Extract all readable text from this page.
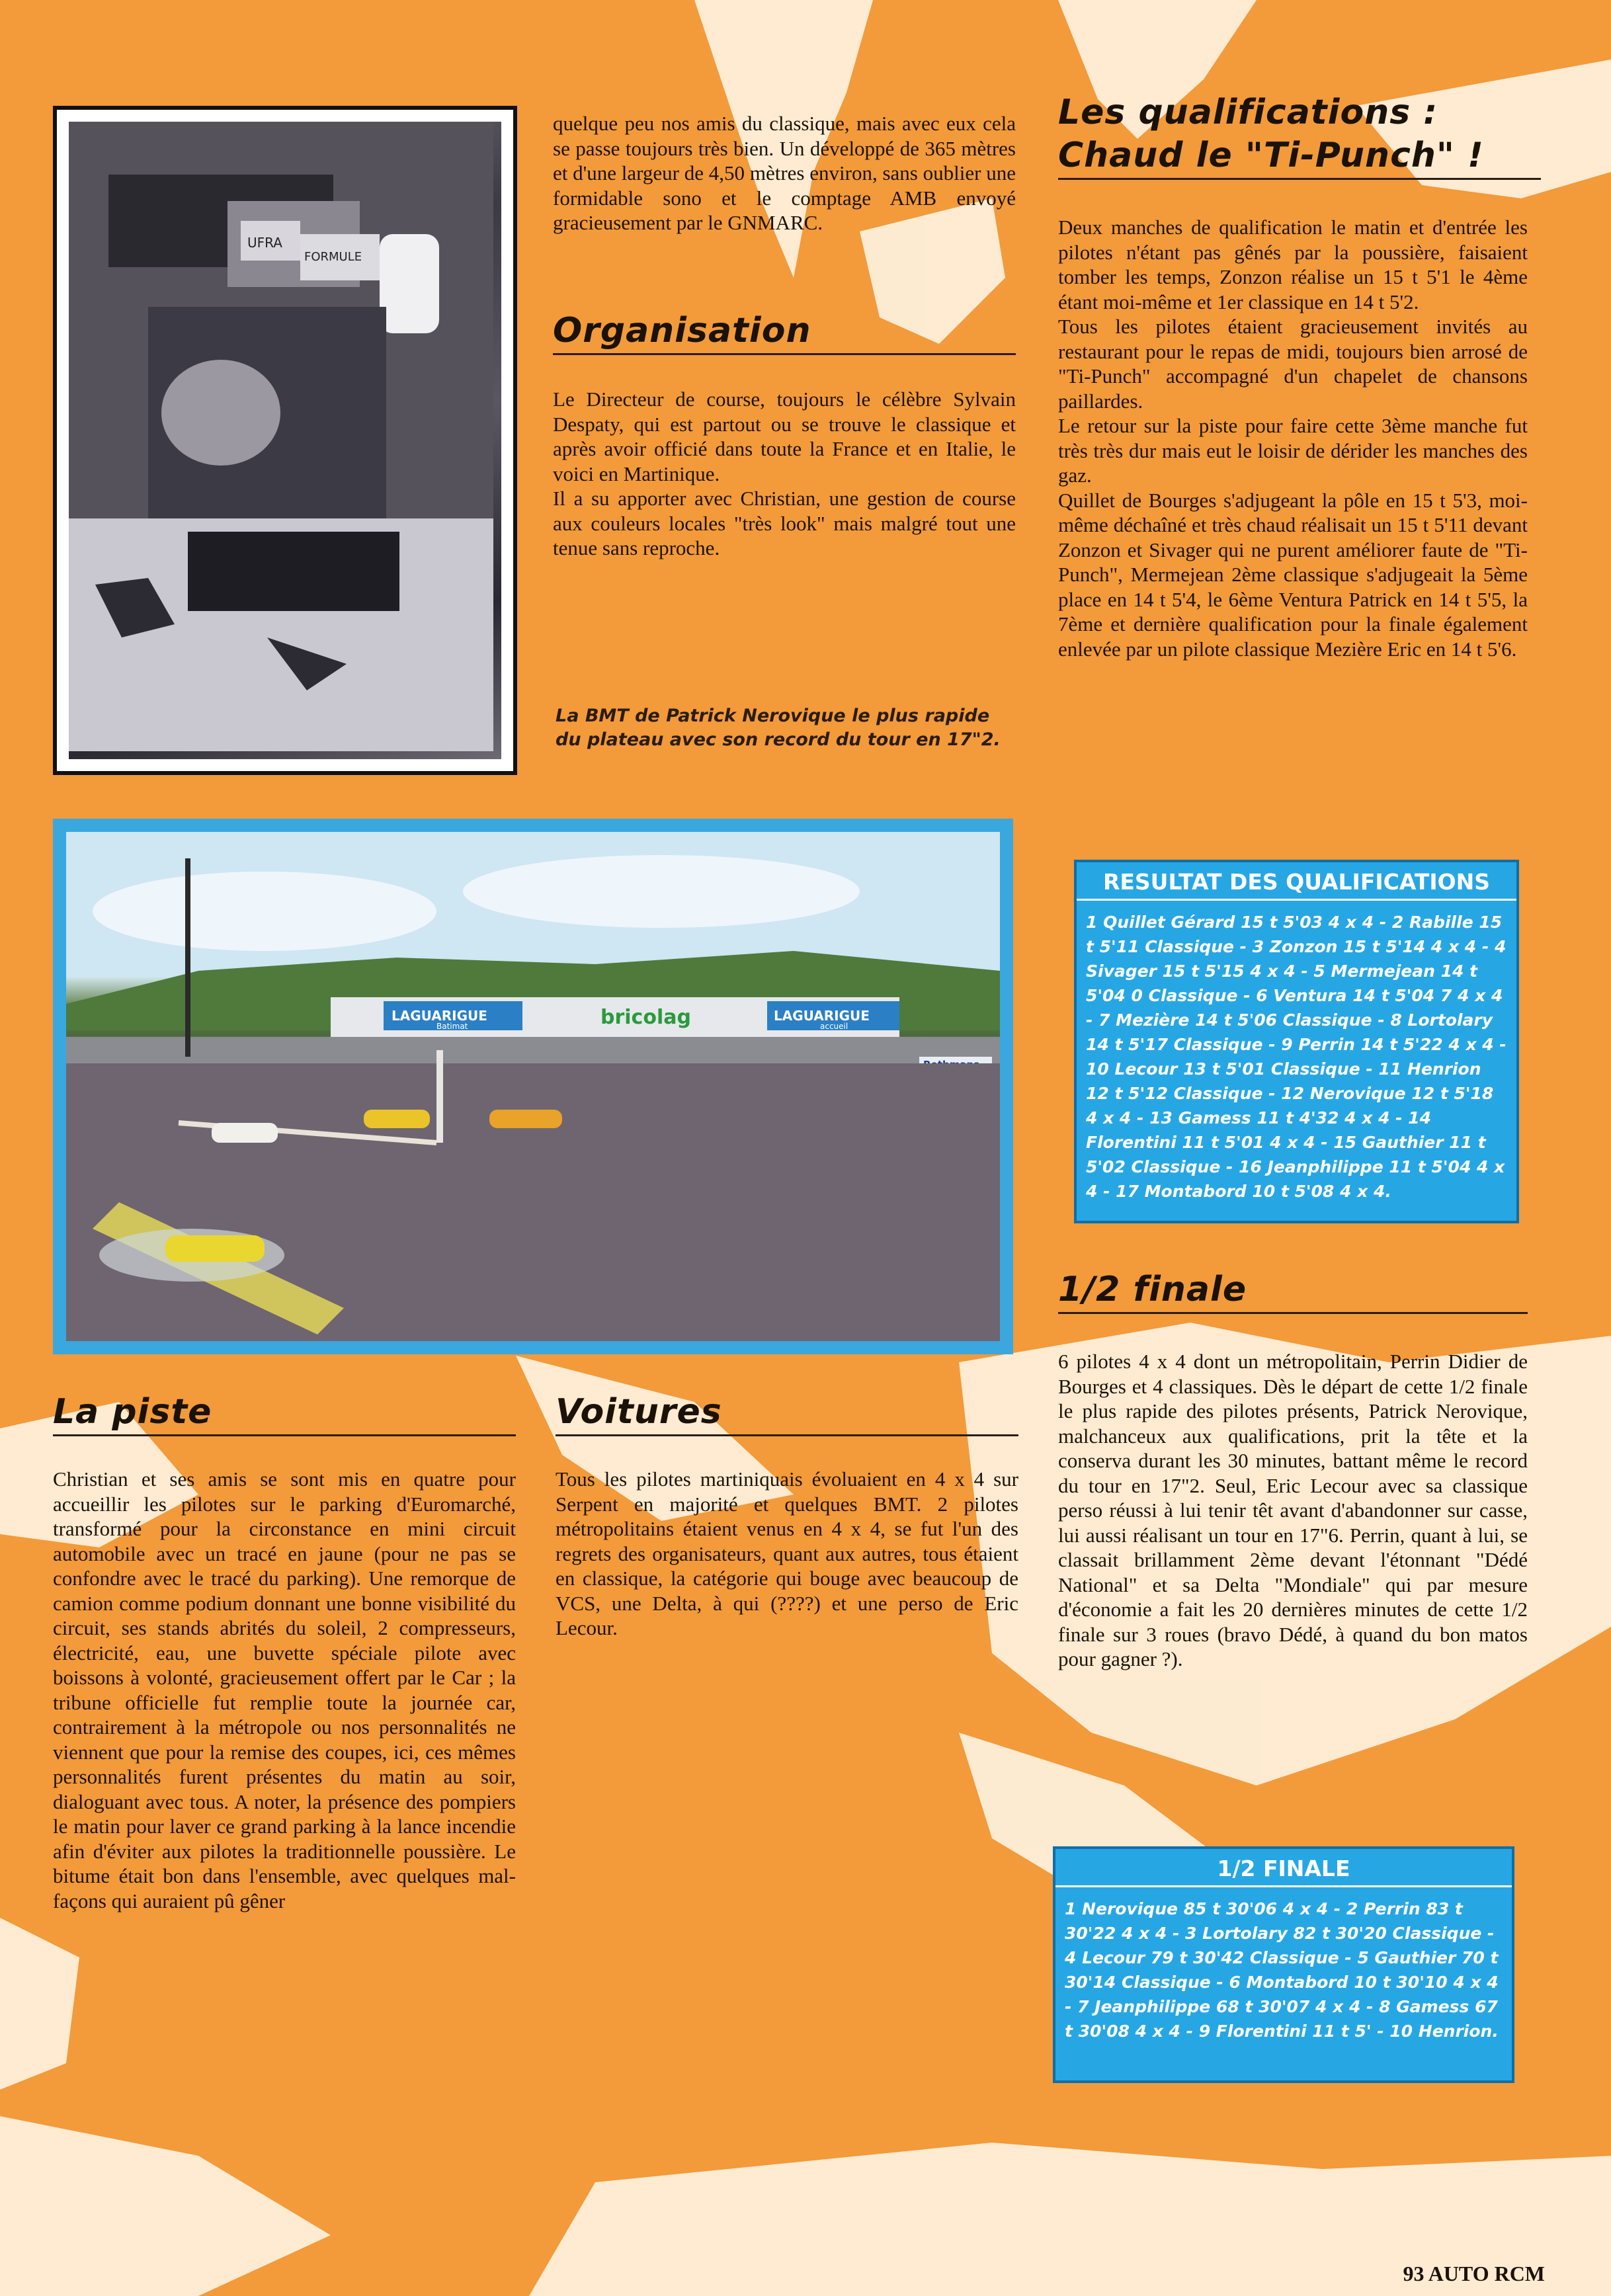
UFRA
FORMULE
LAGUARIGUE
Batimat	bricolag	LAGUARIGUE
accueil

quelque peu nos amis du classique, mais avec eux cela se passe toujours très bien. Un développé de 365 mètres et d'une largeur de 4,50 mètres environ, sans oublier une formidable sono et le comptage AMB envoyé gracieusement par le GNMARC.

Organisation

Le Directeur de course, toujours le célèbre Sylvain Despaty, qui est partout ou se trouve le classique et après avoir officié dans toute la France et en Italie, le voici en Martinique.

Il a su apporter avec Christian, une gestion de course aux couleurs locales "très look" mais malgré tout une tenue sans reproche.

La BMT de Patrick Nerovique le plus rapide du plateau avec son record du tour en 17"2.
Les qualifications :
Chaud le "Ti-Punch" !

Deux manches de qualification le matin et d'entrée les pilotes n'étant pas gênés par la poussière, faisaient tomber les temps, Zonzon réalise un 15 t 5'1 le 4ème étant moi-même et 1er classique en 14 t 5'2.

Tous les pilotes étaient gracieusement invités au restaurant pour le repas de midi, toujours bien arrosé de "Ti-Punch" accompagné d'un chapelet de chansons paillardes.

Le retour sur la piste pour faire cette 3ème manche fut très très dur mais eut le loisir de dérider les manches des gaz.

Quillet de Bourges s'adjugeant la pôle en 15 t 5'3, moi-même déchaîné et très chaud réalisait un 15 t 5'11 devant Zonzon et Sivager qui ne purent améliorer faute de "Ti-Punch", Mermejean 2ème classique s'adjugeait la 5ème place en 14 t 5'4, le 6ème Ventura Patrick en 14 t 5'5, la 7ème et dernière qualification pour la finale également enlevée par un pilote classique Mezière Eric en 14 t 5'6.

RESULTAT DES QUALIFICATIONS
1 Quillet Gérard 15 t 5'03 4 x 4 - 2 Rabille 15 t 5'11 Classique - 3 Zonzon 15 t 5'14 4 x 4 - 4 Sivager 15 t 5'15 4 x 4 - 5 Mermejean 14 t 5'04 0 Classique - 6 Ventura 14 t 5'04 7 4 x 4 - 7 Mezière 14 t 5'06 Classique - 8 Lortolary 14 t 5'17 Classique - 9 Perrin 14 t 5'22 4 x 4 - 10 Lecour 13 t 5'01 Classique - 11 Henrion 12 t 5'12 Classique - 12 Nerovique 12 t 5'18 4 x 4 - 13 Gamess 11 t 4'32 4 x 4 - 14 Florentini 11 t 5'01 4 x 4 - 15 Gauthier 11 t 5'02 Classique - 16 Jeanphilippe 11 t 5'04 4 x 4 - 17 Montabord 10 t 5'08 4 x 4.
La piste

Christian et ses amis se sont mis en quatre pour accueillir les pilotes sur le parking d'Euromarché, transformé pour la circonstance en mini circuit automobile avec un tracé en jaune (pour ne pas se confondre avec le tracé du parking). Une remorque de camion comme podium donnant une bonne visibilité du circuit, ses stands abrités du soleil, 2 compresseurs, électricité, eau, une buvette spéciale pilote avec boissons à volonté, gracieusement offert par le Car ; la tribune officielle fut remplie toute la journée car, contrairement à la métropole ou nos personnalités ne viennent que pour la remise des coupes, ici, ces mêmes personnalités furent présentes du matin au soir, dialoguant avec tous. A noter, la présence des pompiers le matin pour laver ce grand parking à la lance incendie afin d'éviter aux pilotes la traditionnelle poussière. Le bitume était bon dans l'ensemble, avec quelques mal-façons qui auraient pû gêner

Voitures

Tous les pilotes martiniquais évoluaient en 4 x 4 sur Serpent en majorité et quelques BMT. 2 pilotes métropolitains étaient venus en 4 x 4, se fut l'un des regrets des organisateurs, quant aux autres, tous étaient en classique, la catégorie qui bouge avec beaucoup de VCS, une Delta, à qui (????) et une perso de Eric Lecour.

1/2 finale

6 pilotes 4 x 4 dont un métropolitain, Perrin Didier de Bourges et 4 classiques. Dès le départ de cette 1/2 finale le plus rapide des pilotes présents, Patrick Nerovique, malchanceux aux qualifications, prit la tête et la conserva durant les 30 minutes, battant même le record du tour en 17"2. Seul, Eric Lecour avec sa classique perso réussi à lui tenir têt avant d'abandonner sur casse, lui aussi réalisant un tour en 17"6. Perrin, quant à lui, se classait brillamment 2ème devant l'étonnant "Dédé National" et sa Delta "Mondiale" qui par mesure d'économie a fait les 20 dernières minutes de cette 1/2 finale sur 3 roues (bravo Dédé, à quand du bon matos pour gagner ?).

1/2 FINALE
1 Nerovique 85 t 30'06 4 x 4 - 2 Perrin 83 t 30'22 4 x 4 - 3 Lortolary 82 t 30'20 Classique - 4 Lecour 79 t 30'42 Classique - 5 Gauthier 70 t 30'14 Classique - 6 Montabord 10 t 30'10 4 x 4 - 7 Jeanphilippe 68 t 30'07 4 x 4 - 8 Gamess 67 t 30'08 4 x 4 - 9 Florentini 11 t 5' - 10 Henrion.
93 AUTO RCM
